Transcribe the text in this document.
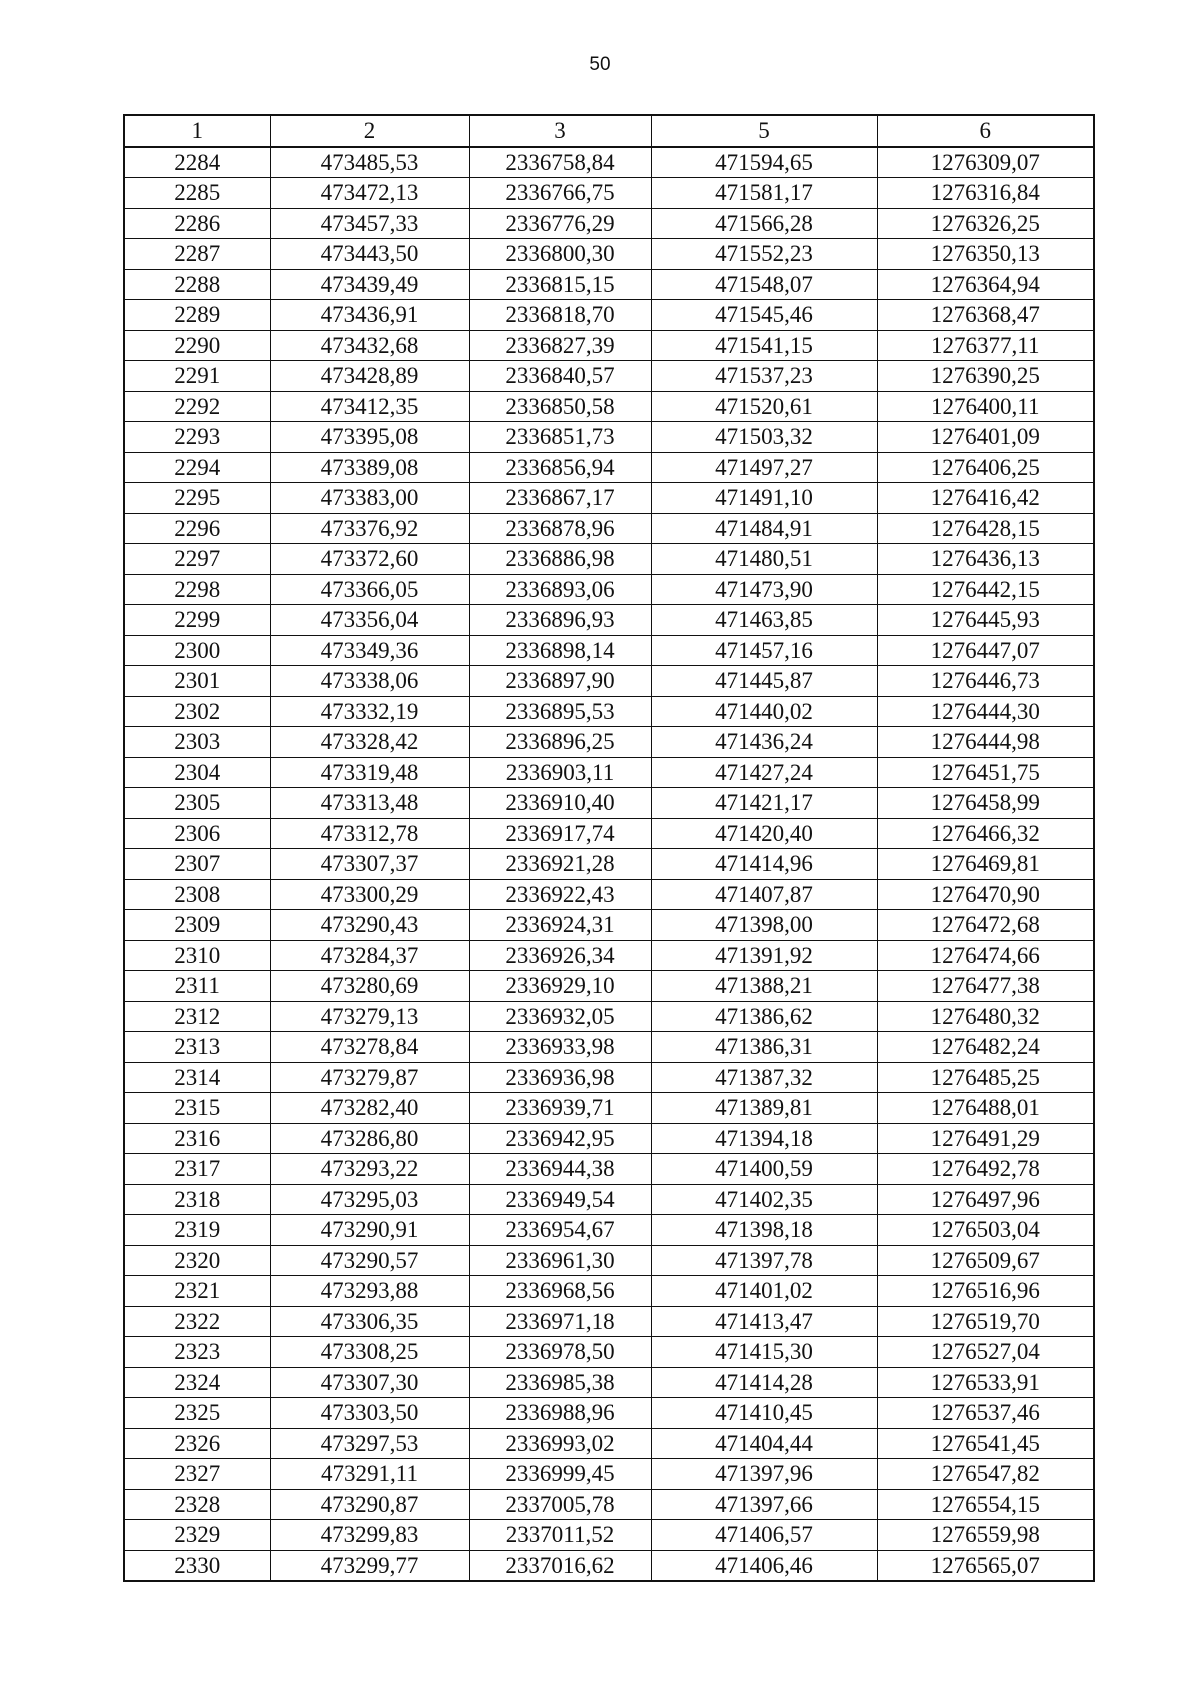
50
1	2	3	5	6
2284	473485,53	2336758,84	471594,65	1276309,07
2285	473472,13	2336766,75	471581,17	1276316,84
2286	473457,33	2336776,29	471566,28	1276326,25
2287	473443,50	2336800,30	471552,23	1276350,13
2288	473439,49	2336815,15	471548,07	1276364,94
2289	473436,91	2336818,70	471545,46	1276368,47
2290	473432,68	2336827,39	471541,15	1276377,11
2291	473428,89	2336840,57	471537,23	1276390,25
2292	473412,35	2336850,58	471520,61	1276400,11
2293	473395,08	2336851,73	471503,32	1276401,09
2294	473389,08	2336856,94	471497,27	1276406,25
2295	473383,00	2336867,17	471491,10	1276416,42
2296	473376,92	2336878,96	471484,91	1276428,15
2297	473372,60	2336886,98	471480,51	1276436,13
2298	473366,05	2336893,06	471473,90	1276442,15
2299	473356,04	2336896,93	471463,85	1276445,93
2300	473349,36	2336898,14	471457,16	1276447,07
2301	473338,06	2336897,90	471445,87	1276446,73
2302	473332,19	2336895,53	471440,02	1276444,30
2303	473328,42	2336896,25	471436,24	1276444,98
2304	473319,48	2336903,11	471427,24	1276451,75
2305	473313,48	2336910,40	471421,17	1276458,99
2306	473312,78	2336917,74	471420,40	1276466,32
2307	473307,37	2336921,28	471414,96	1276469,81
2308	473300,29	2336922,43	471407,87	1276470,90
2309	473290,43	2336924,31	471398,00	1276472,68
2310	473284,37	2336926,34	471391,92	1276474,66
2311	473280,69	2336929,10	471388,21	1276477,38
2312	473279,13	2336932,05	471386,62	1276480,32
2313	473278,84	2336933,98	471386,31	1276482,24
2314	473279,87	2336936,98	471387,32	1276485,25
2315	473282,40	2336939,71	471389,81	1276488,01
2316	473286,80	2336942,95	471394,18	1276491,29
2317	473293,22	2336944,38	471400,59	1276492,78
2318	473295,03	2336949,54	471402,35	1276497,96
2319	473290,91	2336954,67	471398,18	1276503,04
2320	473290,57	2336961,30	471397,78	1276509,67
2321	473293,88	2336968,56	471401,02	1276516,96
2322	473306,35	2336971,18	471413,47	1276519,70
2323	473308,25	2336978,50	471415,30	1276527,04
2324	473307,30	2336985,38	471414,28	1276533,91
2325	473303,50	2336988,96	471410,45	1276537,46
2326	473297,53	2336993,02	471404,44	1276541,45
2327	473291,11	2336999,45	471397,96	1276547,82
2328	473290,87	2337005,78	471397,66	1276554,15
2329	473299,83	2337011,52	471406,57	1276559,98
2330	473299,77	2337016,62	471406,46	1276565,07
